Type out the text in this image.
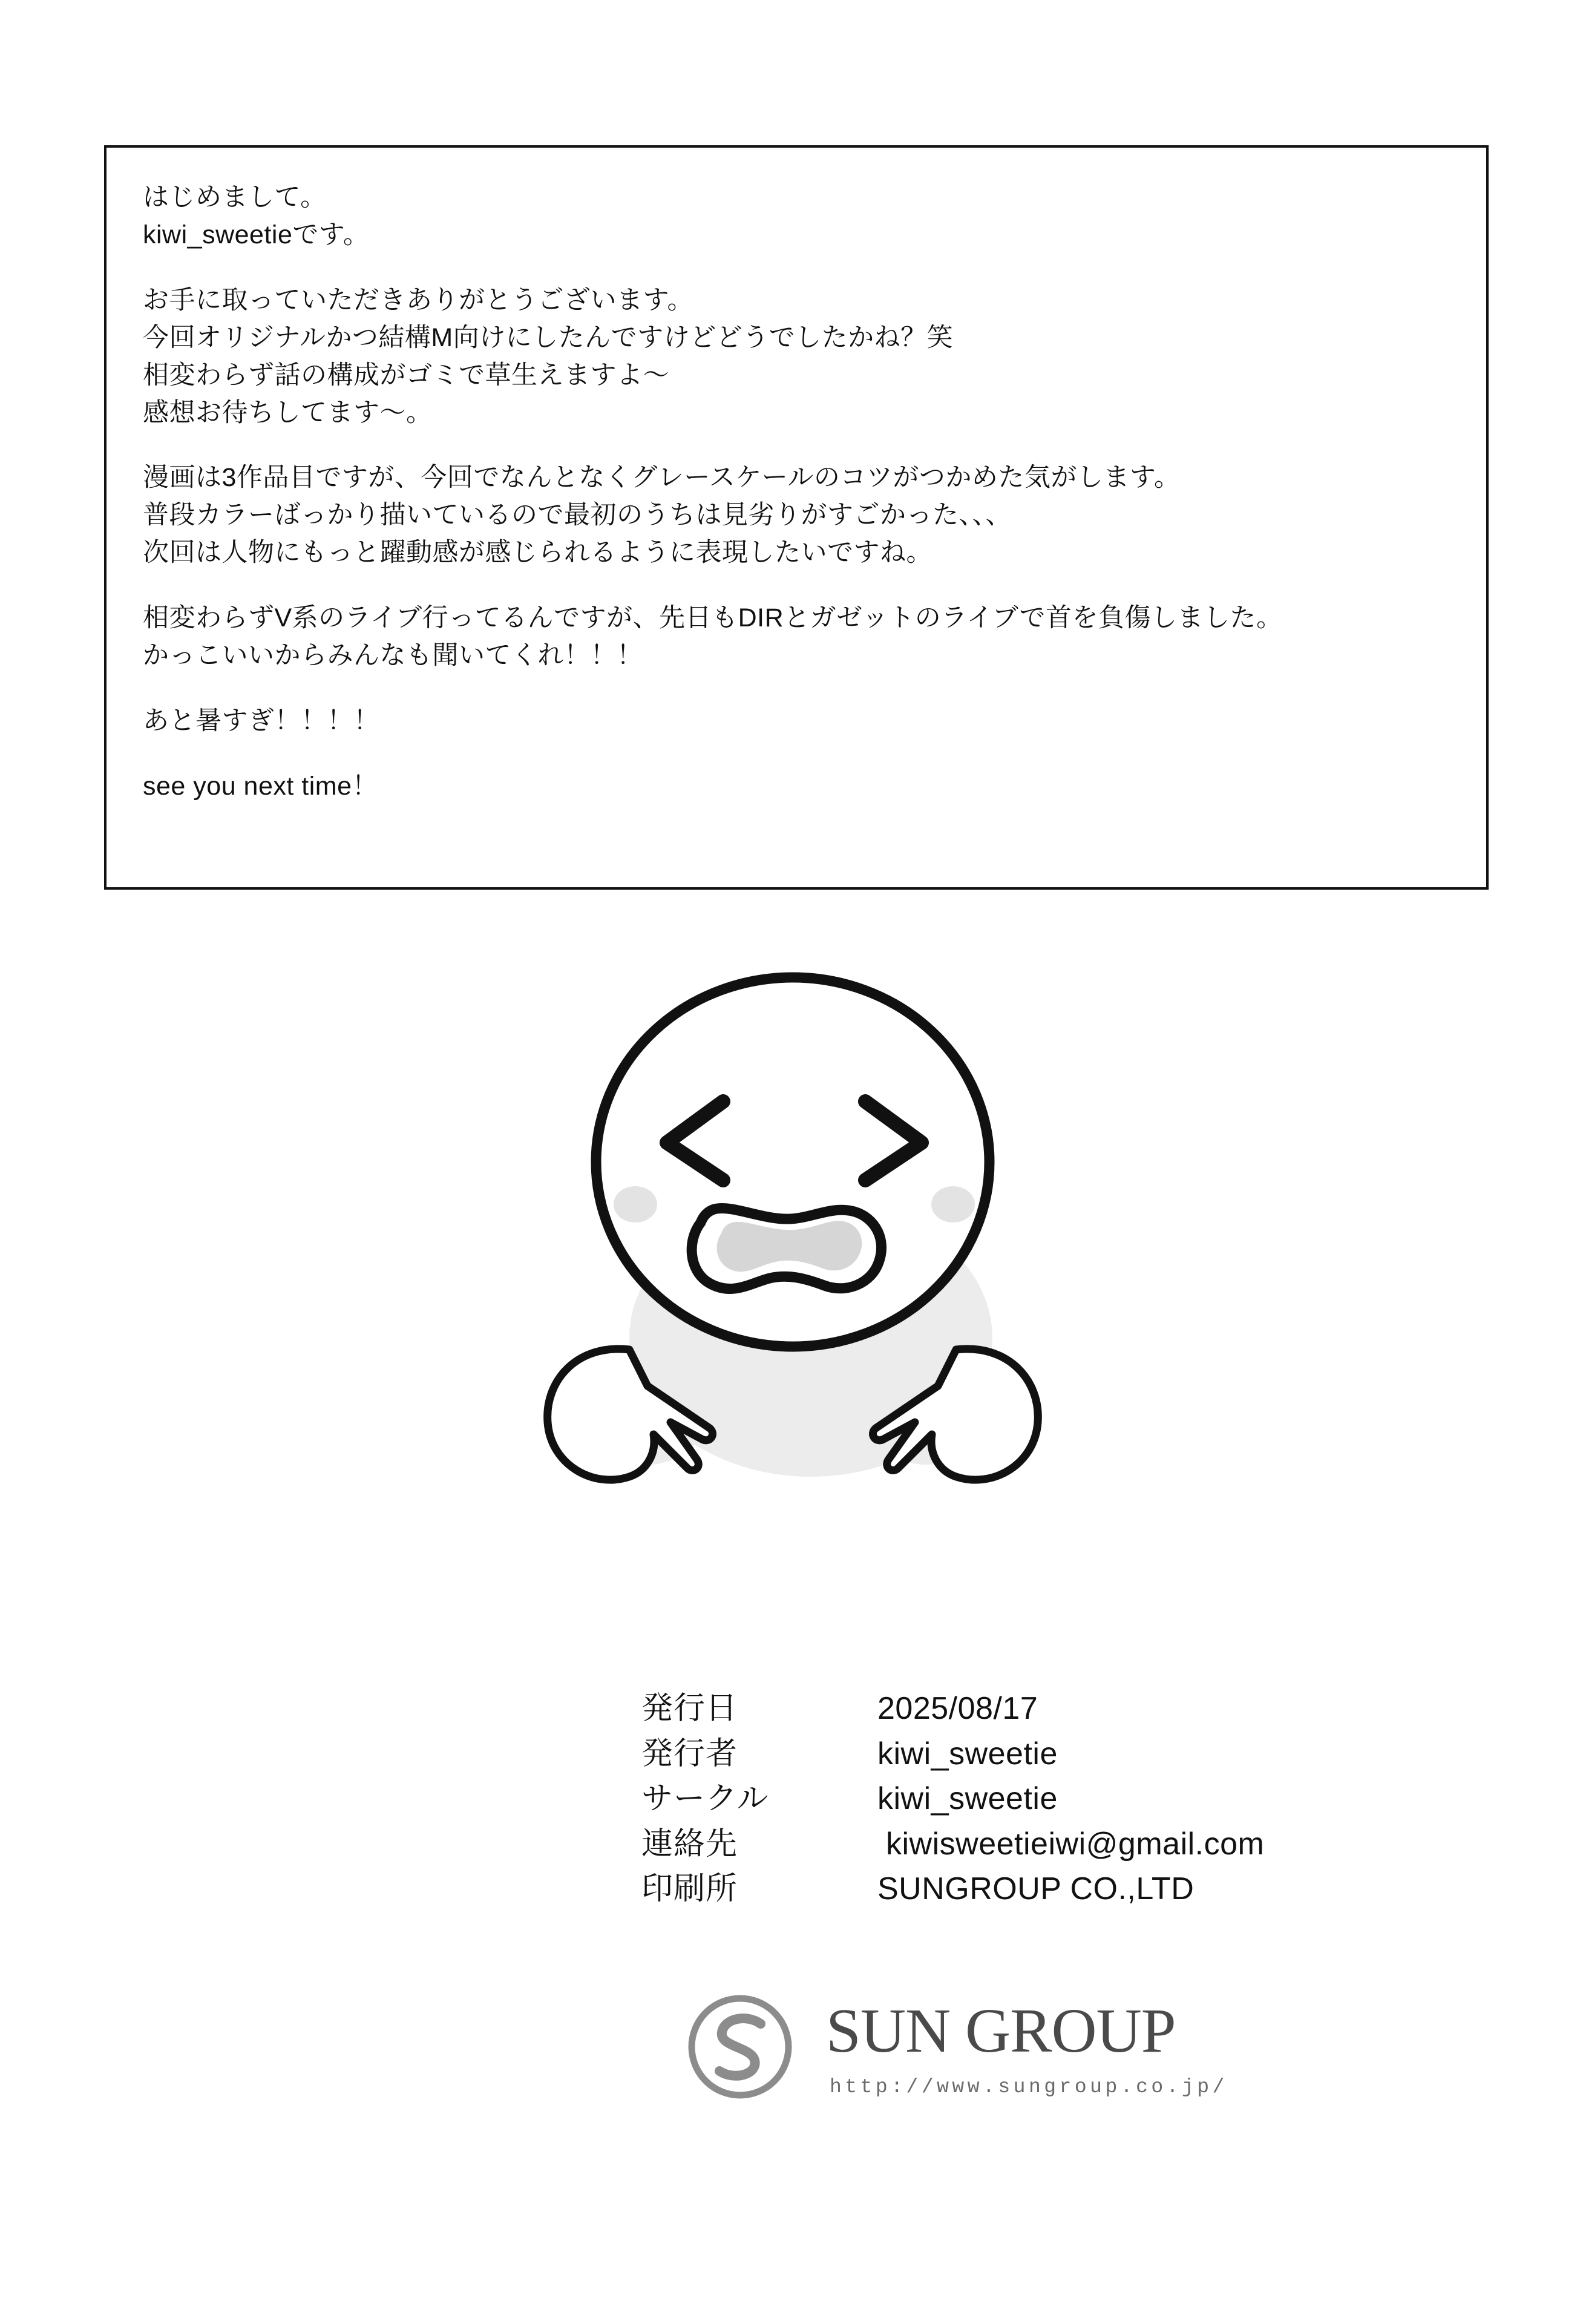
はじめまして。
kiwi_sweetieです。
お手に取っていただきありがとうございます。
今回オリジナルかつ結構M向けにしたんですけどどうでしたかね？笑
相変わらず話の構成がゴミで草生えますよ〜
感想お待ちしてます〜。
漫画は3作品目ですが、今回でなんとなくグレースケールのコツがつかめた気がします。
普段カラーばっかり描いているので最初のうちは見劣りがすごかった、、、
次回は人物にもっと躍動感が感じられるように表現したいですね。
相変わらずV系のライブ行ってるんですが、先日もDIRとガゼットのライブで首を負傷しました。
かっこいいからみんなも聞いてくれ！！！
あと暑すぎ！！！！
see you next time！
発行日	2025/08/17
発行者	kiwi_sweetie
サークル	kiwi_sweetie
連絡先	kiwisweetieiwi@gmail.com
印刷所	SUNGROUP CO.,LTD
SUN GROUP
http://www.sungroup.co.jp/
